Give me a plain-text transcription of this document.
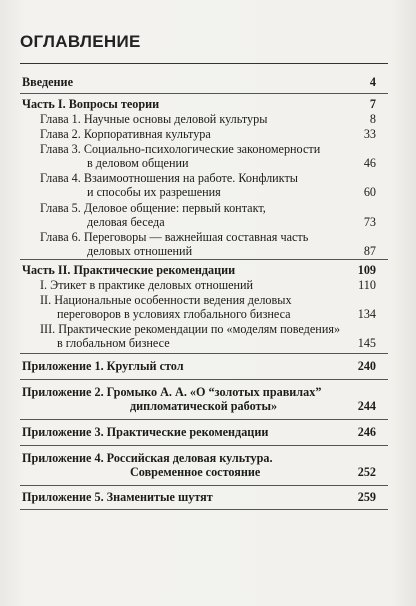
ОГЛАВЛЕНИЕ
Введение	4
Часть I. Вопросы теории	7
Глава 1. Научные основы деловой культуры	8
Глава 2. Корпоративная культура	33
Глава 3. Социально-психологические закономерности
в деловом общении	46
Глава 4. Взаимоотношения на работе. Конфликты
и способы их разрешения	60
Глава 5. Деловое общение: первый контакт,
деловая беседа	73
Глава 6. Переговоры — важнейшая составная часть
деловых отношений	87
Часть II. Практические рекомендации	109
I. Этикет в практике деловых отношений	110
II. Национальные особенности ведения деловых
переговоров в условиях глобального бизнеса	134
III. Практические рекомендации по «моделям поведения»
в глобальном бизнесе	145
Приложение 1. Круглый стол	240
Приложение 2. Громыко А. А. «О “золотых правилах”
дипломатической работы»	244
Приложение 3. Практические рекомендации	246
Приложение 4. Российская деловая культура.
Современное состояние	252
Приложение 5. Знаменитые шутят	259
